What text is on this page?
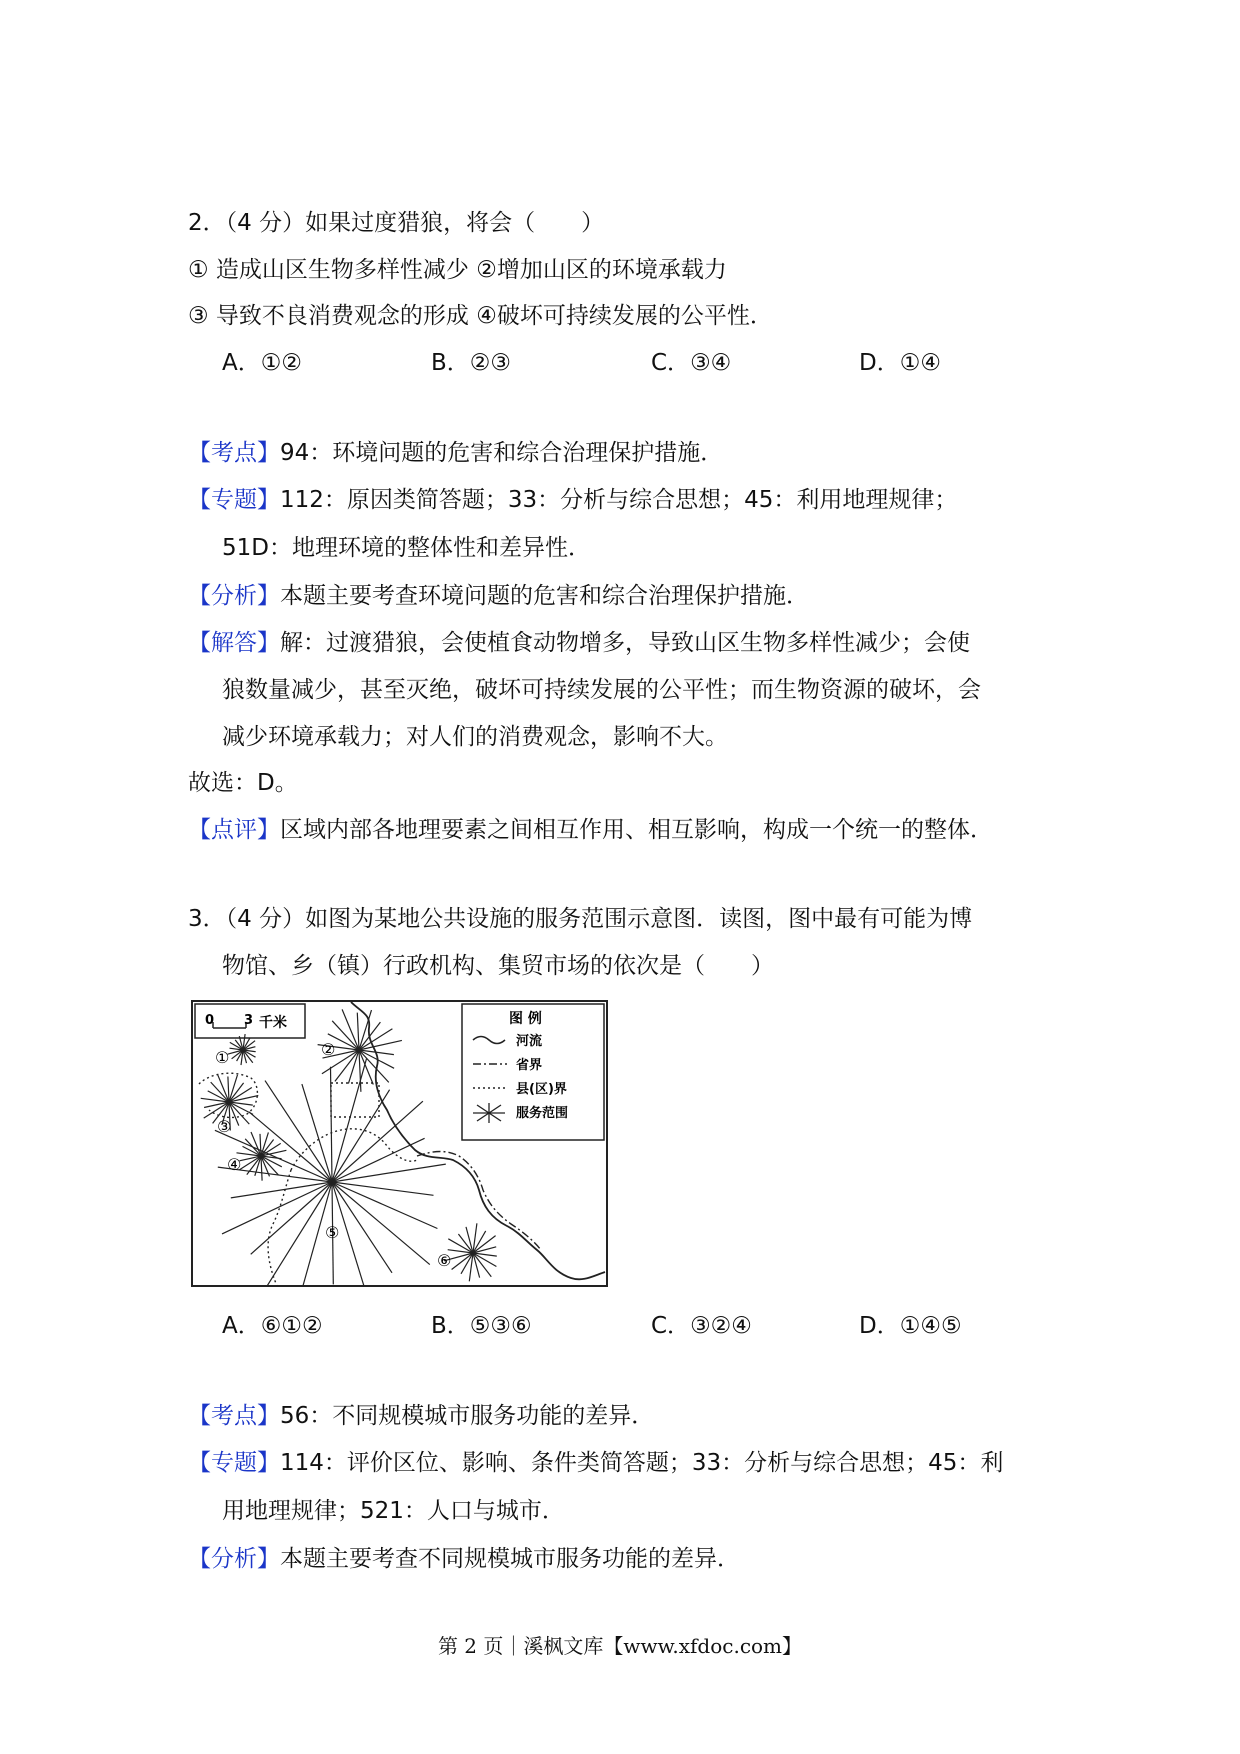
2．（4 分）如果过度猎狼，将会（　　）
① 造成山区生物多样性减少 ②增加山区的环境承载力
③ 导致不良消费观念的形成 ④破坏可持续发展的公平性．
A．①②	B．②③	C．③④	D．①④
【考点】94：环境问题的危害和综合治理保护措施．
【专题】112：原因类简答题；33：分析与综合思想；45：利用地理规律；
51D：地理环境的整体性和差异性．
【分析】本题主要考查环境问题的危害和综合治理保护措施．
【解答】解：过渡猎狼，会使植食动物增多，导致山区生物多样性减少；会使
狼数量减少，甚至灭绝，破坏可持续发展的公平性；而生物资源的破坏，会
减少环境承载力；对人们的消费观念，影响不大。
故选：D。
【点评】区域内部各地理要素之间相互作用、相互影响，构成一个统一的整体．
3．（4 分）如图为某地公共设施的服务范围示意图．读图，图中最有可能为博
物馆、乡（镇）行政机构、集贸市场的依次是（　　）
0 3 千米	图 例
河流
省界
县(区)界
服务范围
①	②
③
④
⑤
⑥
A．⑥①②	B．⑤③⑥	C．③②④	D．①④⑤
【考点】56：不同规模城市服务功能的差异．
【专题】114：评价区位、影响、条件类简答题；33：分析与综合思想；45：利
用地理规律；521：人口与城市．
【分析】本题主要考查不同规模城市服务功能的差异．
第 2 页｜溪枫文库【www.xfdoc.com】
